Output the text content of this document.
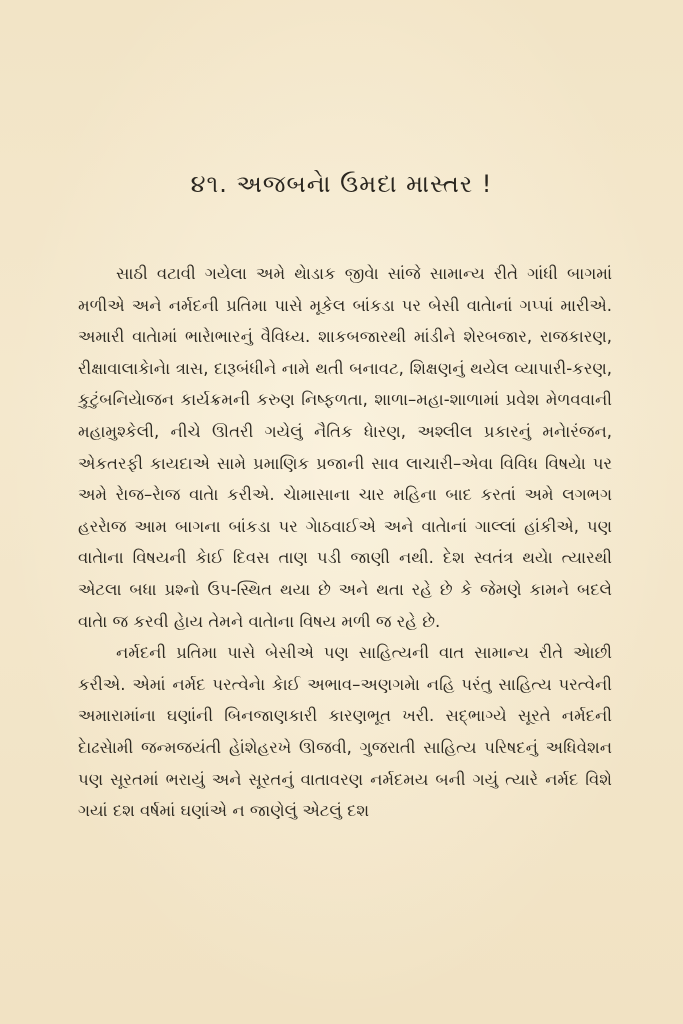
૪૧. અજબનેા ઉમદા માસ્તર !

સાઠી વટાવી ગયેલા અમે થેાડાક જીવેા સાંજે સામાન્ય રીતે ગાંધી બાગમાં મળીએ અને નર્મદની પ્રતિમા પાસે મૂકેલ બાંકડા પર બેસી વાતેાનાં ગપ્પાં મારીએ. અમારી વાતેામાં ભારેાભારનું વૈવિધ્ય. શાકબજારથી માંડીને શેરબજાર, રાજકારણ, રીક્ષાવાલાકેાનેા ત્રાસ, દારૂબંધીને નામે થતી બનાવટ, શિક્ષણનું થયેલ વ્યાપારી-કરણ, કુટુંબનિયેાજન કાર્યક્રમની કરુણ નિષ્ફળતા, શાળા–મહા-શાળામાં પ્રવેશ મેળવવાની મહામુશ્કેલી, નીચે ઊતરી ગયેલું નૈતિક ધેારણ, અશ્લીલ પ્રકારનું મનેારંજન, એકતરફી કાયદાએ સામે પ્રમાણિક પ્રજાની સાવ લાચારી–એવા વિવિધ વિષયેા પર અમે રેાજ–રેાજ વાતેા કરીએ. ચેામાસાના ચાર મહિના બાદ કરતાં અમે લગભગ હરરેાજ આમ બાગના બાંકડા પર ગેાઠવાઈએ અને વાતેાનાં ગાલ્લાં હાંકીએ, પણ વાતેાના વિષયની કેાઈ દિવસ તાણ પડી જાણી નથી. દેશ સ્વતંત્ર થયેા ત્યારથી એટલા બધા પ્રશ્નો ઉપ-સ્થિત થયા છે અને થતા રહે છે કે જેમણે કામને બદલે વાતેા જ કરવી હેાય તેમને વાતેાના વિષય મળી જ રહે છે.

નર્મદની પ્રતિમા પાસે બેસીએ પણ સાહિત્યની વાત સામાન્ય રીતે એાછી કરીએ. એમાં નર્મદ પરત્વેનેા કેાઈ અભાવ–અણગમેા નહિ પરંતુ સાહિત્ય પરત્વેની અમારામાંના ઘણાંની બિનજાણકારી કારણભૂત ખરી. સદ્ભાગ્યે સૂરતે નર્મદની દેાઢસેામી જન્મજયંતી હેાંશેહરખે ઊજવી, ગુજરાતી સાહિત્ય પરિષદનું અધિવેશન પણ સૂરતમાં ભરાયું અને સૂરતનું વાતાવરણ નર્મદમય બની ગયું ત્યારે નર્મદ વિશે ગયાં દશ વર્ષમાં ઘણાંએ ન જાણેલું એટલું દશ
